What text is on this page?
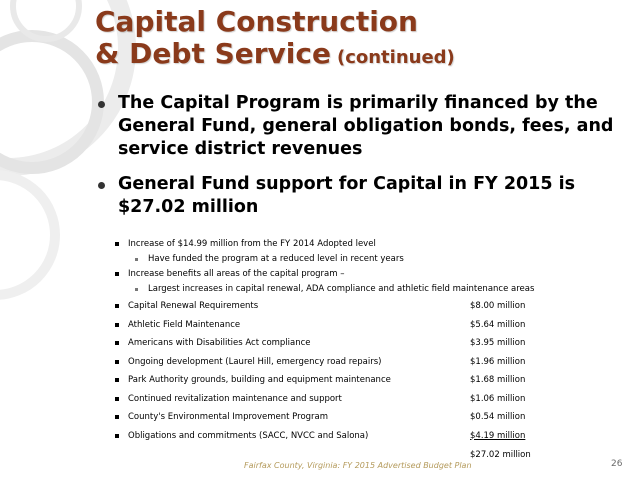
Capital Construction
& Debt Service (continued)
The Capital Program is primarily financed by the General Fund, general obligation bonds, fees, and service district revenues
General Fund support for Capital in FY 2015 is $27.02 million
Increase of $14.99 million from the FY 2014 Adopted level
Have funded the program at a reduced level in recent years
Increase benefits all areas of the capital program –
Largest increases in capital renewal, ADA compliance and athletic field maintenance areas
Capital Renewal Requirements	$8.00 million
Athletic Field Maintenance	$5.64 million
Americans with Disabilities Act compliance	$3.95 million
Ongoing development (Laurel Hill, emergency road repairs)	$1.96 million
Park Authority grounds, building and equipment maintenance	$1.68 million
Continued revitalization maintenance and support	$1.06 million
County's Environmental Improvement Program	$0.54 million
Obligations and commitments (SACC, NVCC and Salona)	$4.19 million
$27.02 million
Fairfax County, Virginia: FY 2015 Advertised Budget Plan	26
